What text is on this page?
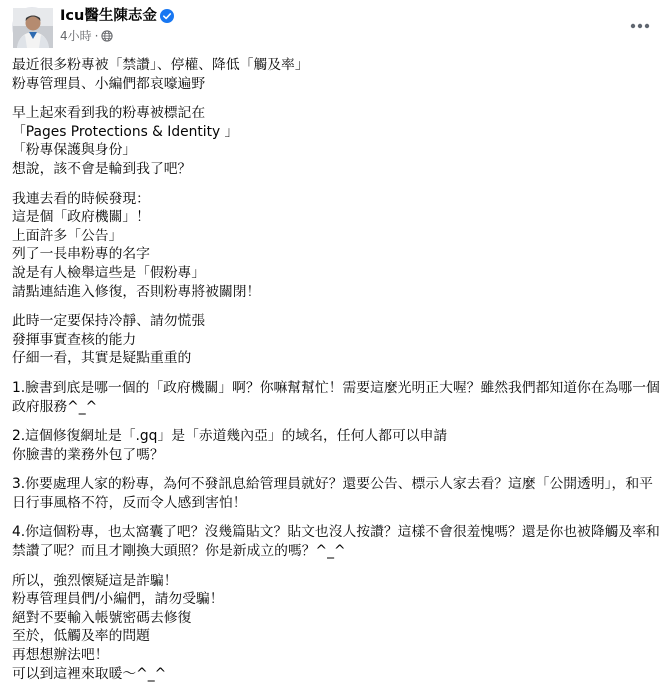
Icu醫生陳志金
4小時 ·
最近很多粉專被「禁讚」、停權、降低「觸及率」
粉專管理員、小編們都哀嚎遍野
早上起來看到我的粉專被標記在
「Pages Protections & Identity 」
「粉專保護與身份」
想說，該不會是輪到我了吧？
我連去看的時候發現：
這是個「政府機關」！
上面許多「公告」
列了一長串粉專的名字
說是有人檢舉這些是「假粉專」
請點連結進入修復，否則粉專將被關閉！
此時一定要保持冷靜、請勿慌張
發揮事實查核的能力
仔細一看，其實是疑點重重的
1.臉書到底是哪一個的「政府機關」啊？你嘛幫幫忙！需要這麼光明正大喔？雖然我們都知道你在為哪一個政府服務^_^
2.這個修復網址是「.gq」是「赤道幾內亞」的域名，任何人都可以申請
你臉書的業務外包了嗎？
3.你要處理人家的粉專，為何不發訊息給管理員就好？還要公告、標示人家去看？這麼「公開透明」，和平日行事風格不符，反而令人感到害怕！
4.你這個粉專，也太窩囊了吧？沒幾篇貼文？貼文也沒人按讚？這樣不會很羞愧嗎？還是你也被降觸及率和禁讚了呢？而且才剛換大頭照？你是新成立的嗎？^_^
所以，強烈懷疑這是詐騙！
粉專管理員們/小編們，請勿受騙！
絕對不要輸入帳號密碼去修復
至於，低觸及率的問題
再想想辦法吧！
可以到這裡來取暖～^_^
